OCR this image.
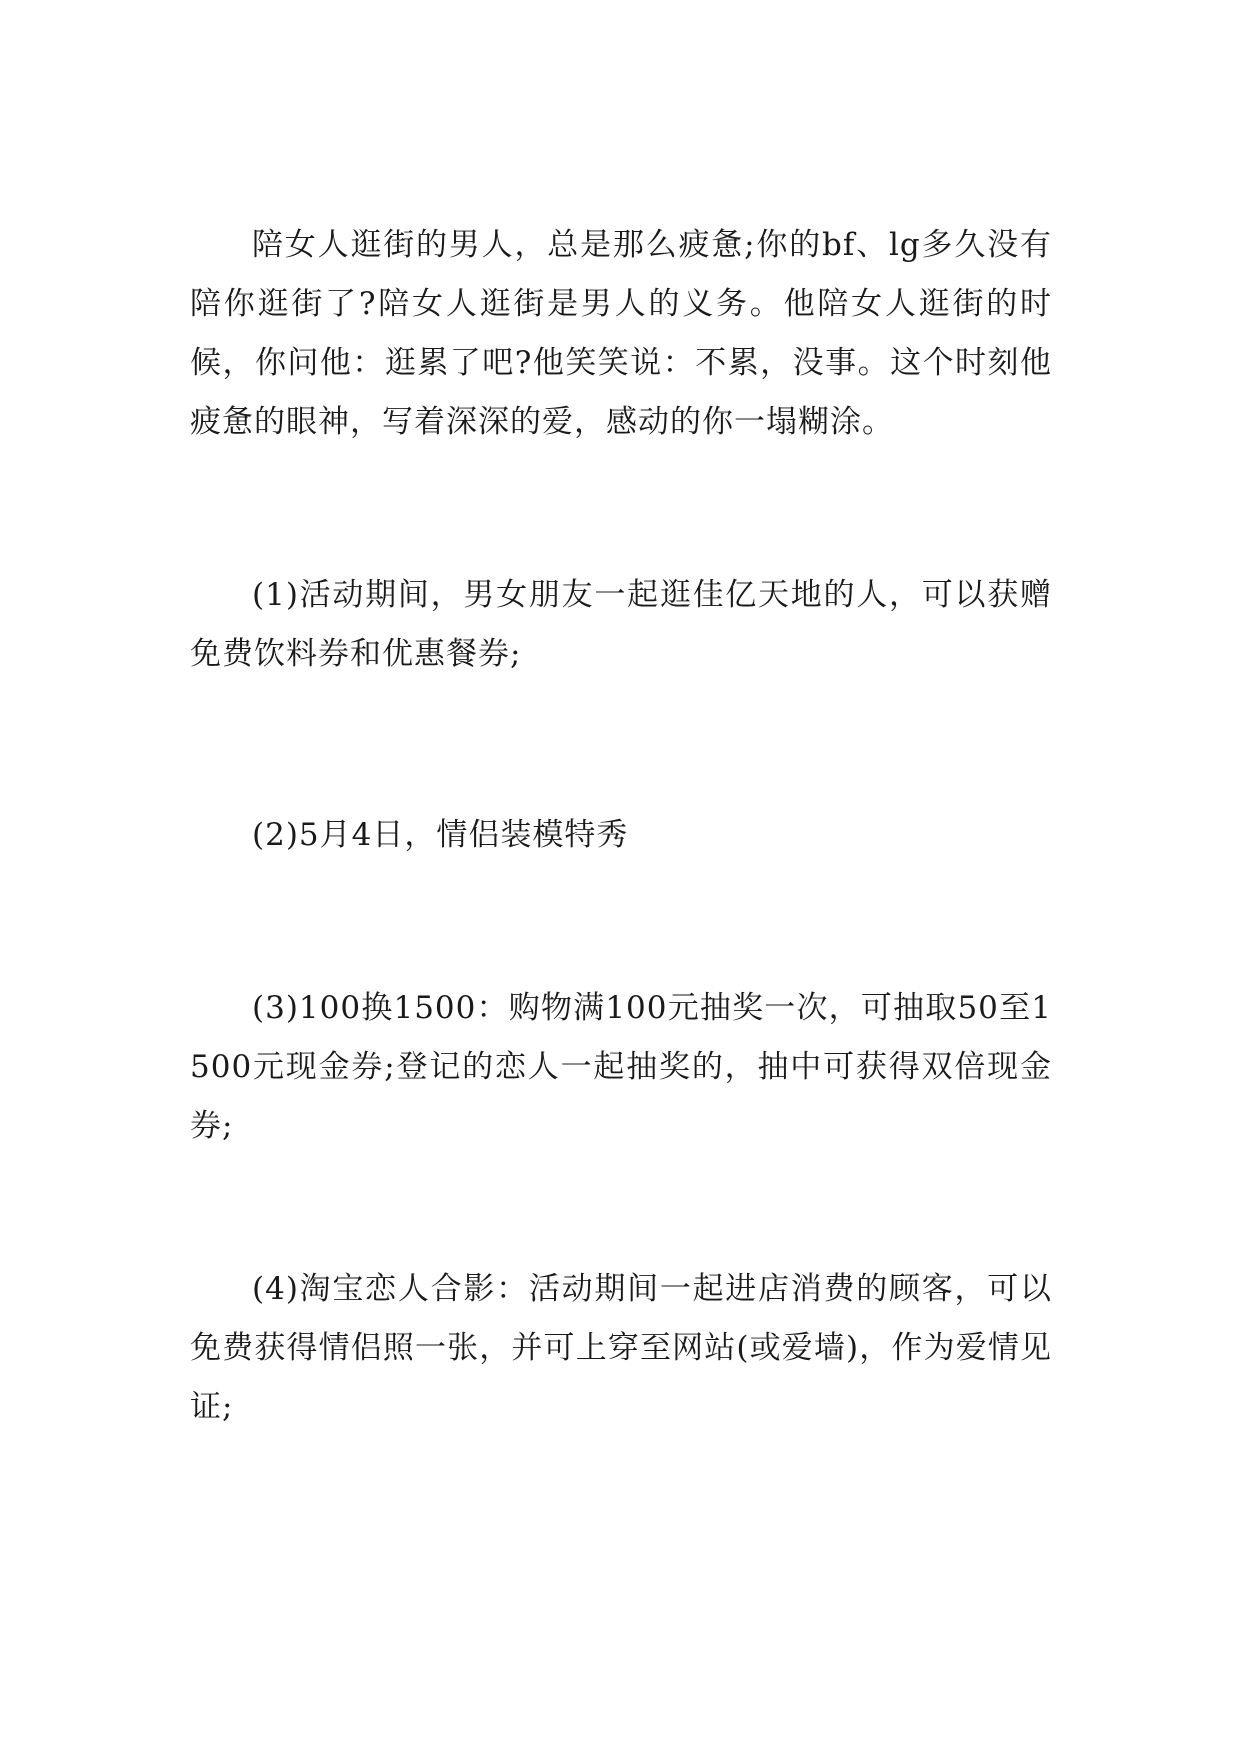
陪女人逛街的男人，总是那么疲惫;你的bf、lg多久没有陪你逛街了?陪女人逛街是男人的义务。他陪女人逛街的时候，你问他：逛累了吧?他笑笑说：不累，没事。这个时刻他疲惫的眼神，写着深深的爱，感动的你一塌糊涂。

(1)活动期间，男女朋友一起逛佳亿天地的人，可以获赠免费饮料券和优惠餐券;

(2)5月4日，情侣装模特秀

(3)100换1500：购物满100元抽奖一次，可抽取50至1500元现金券;登记的恋人一起抽奖的，抽中可获得双倍现金券;

(4)淘宝恋人合影：活动期间一起进店消费的顾客，可以免费获得情侣照一张，并可上穿至网站(或爱墙)，作为爱情见证;
